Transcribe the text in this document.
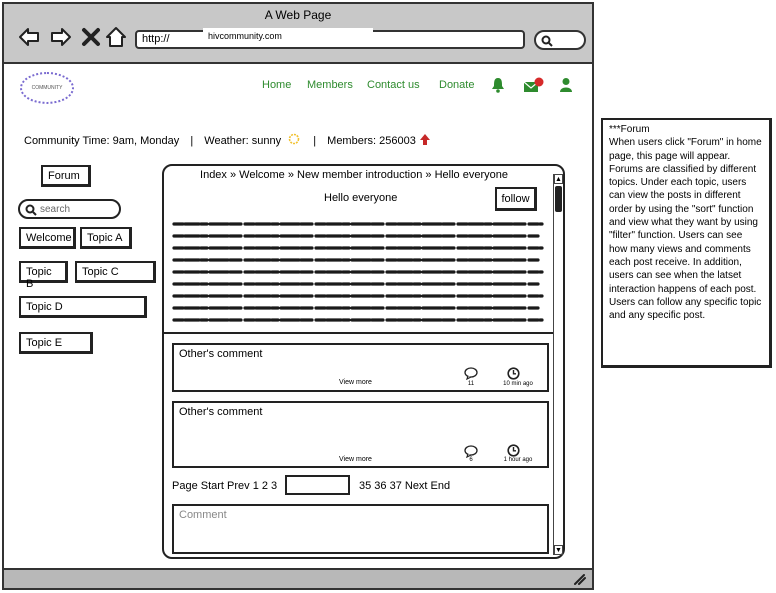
A Web Page
http://	hivcommunity.com
COMMUNITY	Home Members Contact us Donate
Community Time: 9am, Monday | Weather: sunny	| Members: 256003
Forum
search
Welcome	Topic A
Topic B
Topic C
Topic D
Topic E
Index » Welcome » New member introduction » Hello everyone
Hello everyone	follow
▲
▼
Other's comment
View more	11	10 min ago
Other's comment
View more	6	1 hour ago
Page Start Prev 1 2 3	35 36 37 Next End
Comment
***Forum
When users click "Forum" in home page, this page will appear. Forums are classified by different topics. Under each topic, users can view the posts in different order by using the "sort" function and view what they want by using "filter" function. Users can see how many views and comments each post receive. In addition, users can see when the latset interaction happens of each post. Users can follow any specific topic and any specific post.
